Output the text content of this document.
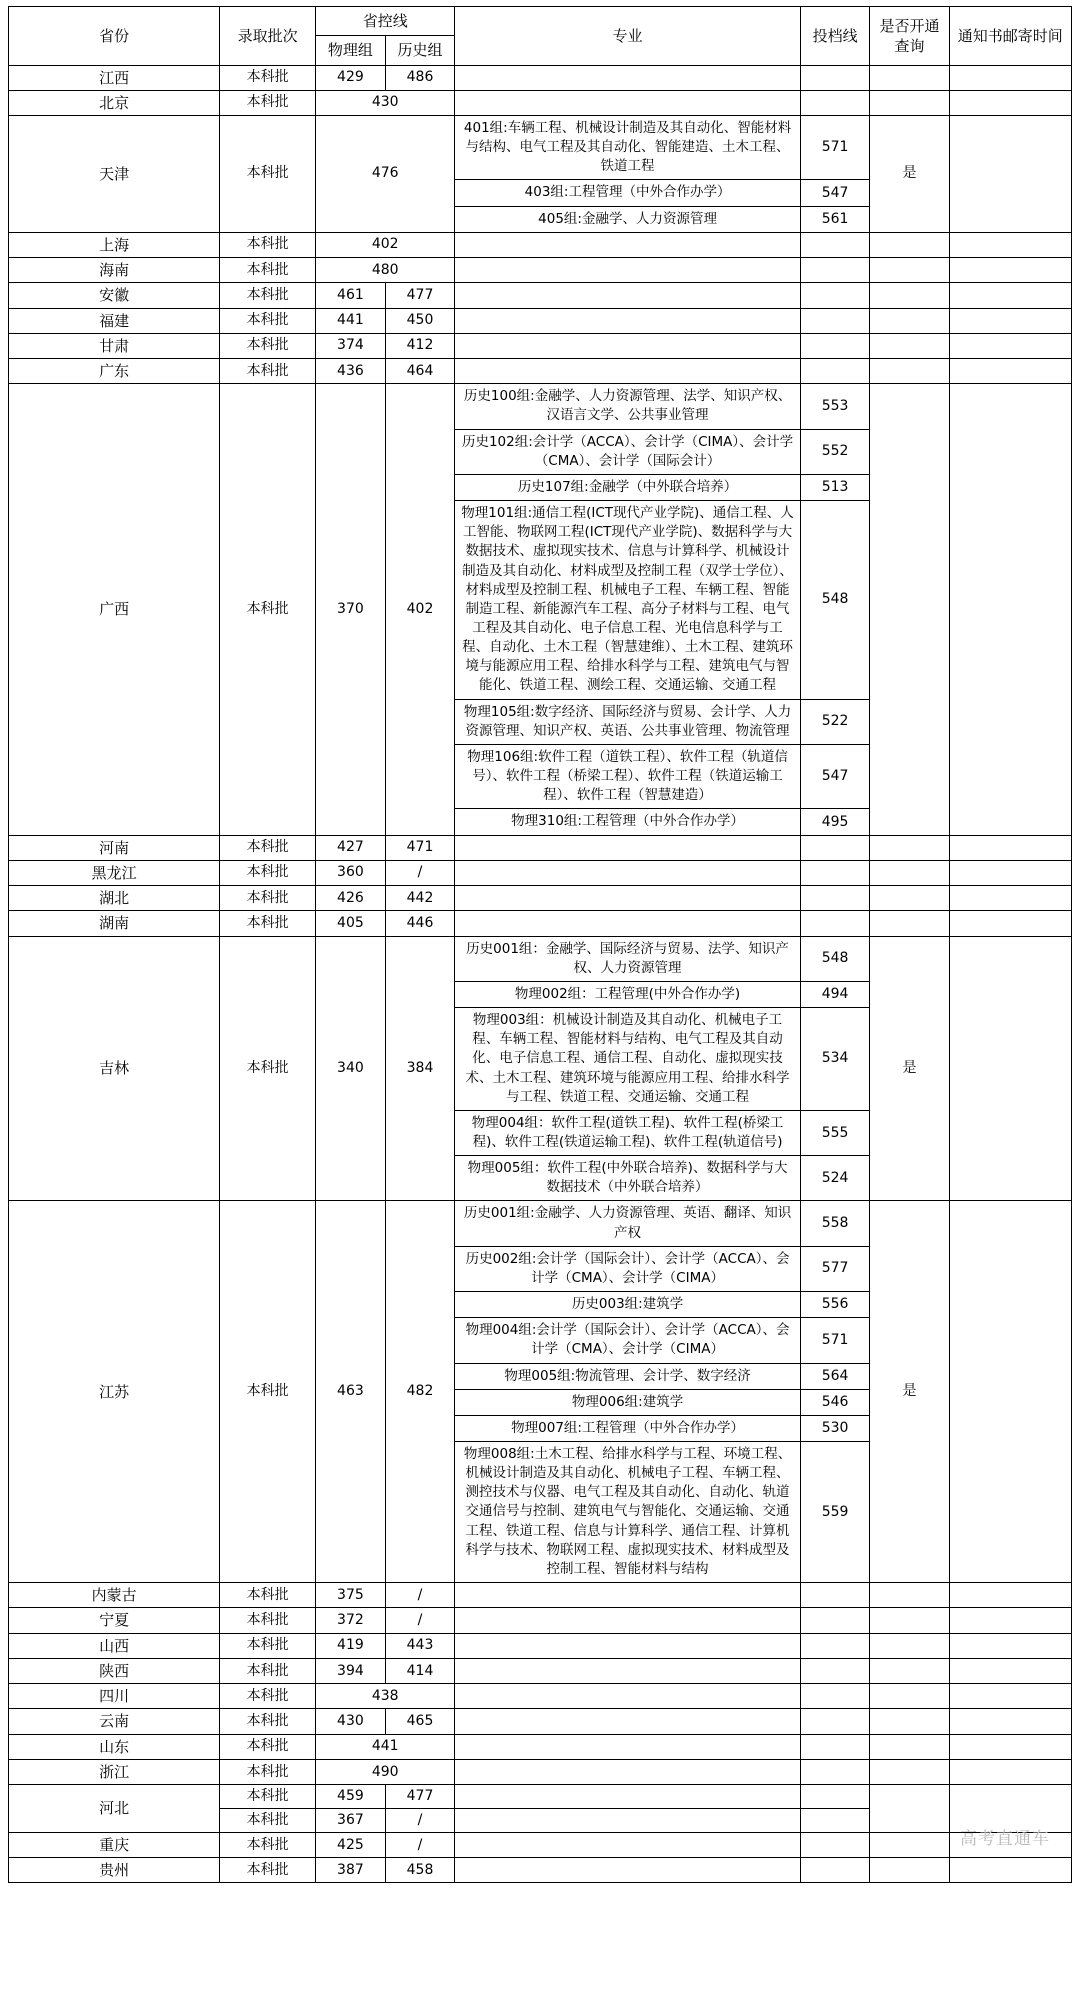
省份	录取批次	省控线		专业	投档线	是否开通查询	通知书邮寄时间
		物理组	历史组				
江西	本科批	429	486				
北京	本科批	430					
天津	本科批	476		401组:车辆工程、机械设计制造及其自动化、智能材料与结构、电气工程及其自动化、智能建造、土木工程、铁道工程	571	是	
				403组:工程管理（中外合作办学）	547		
				405组:金融学、人力资源管理	561		
上海	本科批	402					
海南	本科批	480					
安徽	本科批	461	477				
福建	本科批	441	450				
甘肃	本科批	374	412				
广东	本科批	436	464				
广西	本科批	370	402	历史100组:金融学、人力资源管理、法学、知识产权、汉语言文学、公共事业管理	553		
				历史102组:会计学（ACCA）、会计学（CIMA）、会计学（CMA）、会计学（国际会计）	552		
				历史107组:金融学（中外联合培养）	513		
				物理101组:通信工程(ICT现代产业学院)、通信工程、人工智能、物联网工程(ICT现代产业学院)、数据科学与大数据技术、虚拟现实技术、信息与计算科学、机械设计制造及其自动化、材料成型及控制工程（双学士学位）、材料成型及控制工程、机械电子工程、车辆工程、智能制造工程、新能源汽车工程、高分子材料与工程、电气工程及其自动化、电子信息工程、光电信息科学与工程、自动化、土木工程（智慧建维）、土木工程、建筑环境与能源应用工程、给排水科学与工程、建筑电气与智能化、铁道工程、测绘工程、交通运输、交通工程	548		
				物理105组:数字经济、国际经济与贸易、会计学、人力资源管理、知识产权、英语、公共事业管理、物流管理	522		
				物理106组:软件工程（道铁工程）、软件工程（轨道信号）、软件工程（桥梁工程）、软件工程（铁道运输工程）、软件工程（智慧建造）	547		
				物理310组:工程管理（中外合作办学）	495		
河南	本科批	427	471				
黑龙江	本科批	360	/				
湖北	本科批	426	442				
湖南	本科批	405	446				
吉林	本科批	340	384	历史001组：金融学、国际经济与贸易、法学、知识产权、人力资源管理	548	是	
				物理002组：工程管理(中外合作办学)	494		
				物理003组：机械设计制造及其自动化、机械电子工程、车辆工程、智能材料与结构、电气工程及其自动化、电子信息工程、通信工程、自动化、虚拟现实技术、土木工程、建筑环境与能源应用工程、给排水科学与工程、铁道工程、交通运输、交通工程	534		
				物理004组：软件工程(道铁工程)、软件工程(桥梁工程)、软件工程(铁道运输工程)、软件工程(轨道信号)	555		
				物理005组：软件工程(中外联合培养)、数据科学与大数据技术（中外联合培养）	524		
江苏	本科批	463	482	历史001组:金融学、人力资源管理、英语、翻译、知识产权	558	是	
				历史002组:会计学（国际会计）、会计学（ACCA）、会计学（CMA）、会计学（CIMA）	577		
				历史003组:建筑学	556		
				物理004组:会计学（国际会计）、会计学（ACCA）、会计学（CMA）、会计学（CIMA）	571		
				物理005组:物流管理、会计学、数字经济	564		
				物理006组:建筑学	546		
				物理007组:工程管理（中外合作办学）	530		
				物理008组:土木工程、给排水科学与工程、环境工程、机械设计制造及其自动化、机械电子工程、车辆工程、测控技术与仪器、电气工程及其自动化、自动化、轨道交通信号与控制、建筑电气与智能化、交通运输、交通工程、铁道工程、信息与计算科学、通信工程、计算机科学与技术、物联网工程、虚拟现实技术、材料成型及控制工程、智能材料与结构	559		
内蒙古	本科批	375	/				
宁夏	本科批	372	/				
山西	本科批	419	443				
陕西	本科批	394	414				
四川	本科批	438					
云南	本科批	430	465				
山东	本科批	441					
浙江	本科批	490					
河北	本科批	459	477				
	本科批	367	/				
重庆	本科批	425	/				
贵州	本科批	387	458				
高考直通车
